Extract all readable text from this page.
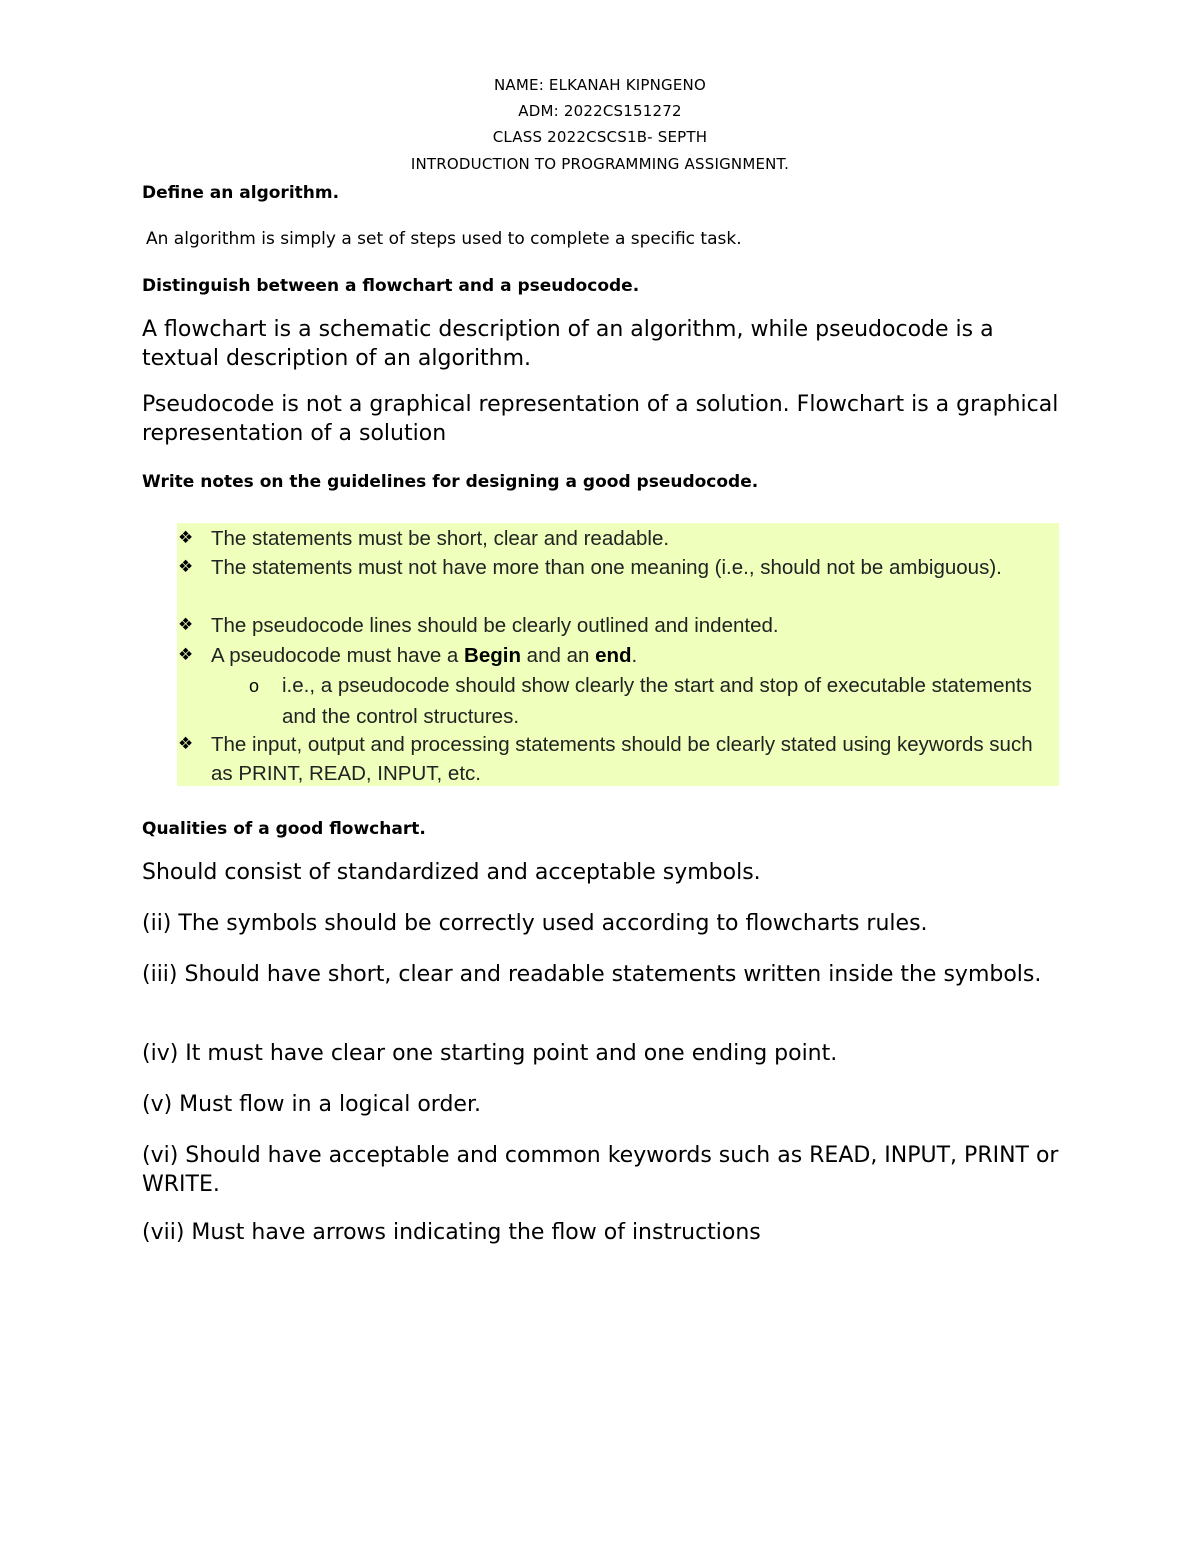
NAME: ELKANAH KIPNGENO
ADM: 2022CS151272
CLASS 2022CSCS1B- SEPTH
INTRODUCTION TO PROGRAMMING ASSIGNMENT.
Define an algorithm.
An algorithm is simply a set of steps used to complete a specific task.
Distinguish between a flowchart and a pseudocode.
A flowchart is a schematic description of an algorithm, while pseudocode is a textual description of an algorithm.
Pseudocode is not a graphical representation of a solution. Flowchart is a graphical representation of a solution
Write notes on the guidelines for designing a good pseudocode.
❖ The statements must be short, clear and readable.
❖ The statements must not have more than one meaning (i.e., should not be ambiguous).
❖ The pseudocode lines should be clearly outlined and indented.
❖ A pseudocode must have a Begin and an end.
o i.e., a pseudocode should show clearly the start and stop of executable statements and the control structures.
❖ The input, output and processing statements should be clearly stated using keywords such as PRINT, READ, INPUT, etc.
Qualities of a good flowchart.
Should consist of standardized and acceptable symbols.
(ii) The symbols should be correctly used according to flowcharts rules.
(iii) Should have short, clear and readable statements written inside the symbols.
(iv) It must have clear one starting point and one ending point.
(v) Must flow in a logical order.
(vi) Should have acceptable and common keywords such as READ, INPUT, PRINT or WRITE.
(vii) Must have arrows indicating the flow of instructions
